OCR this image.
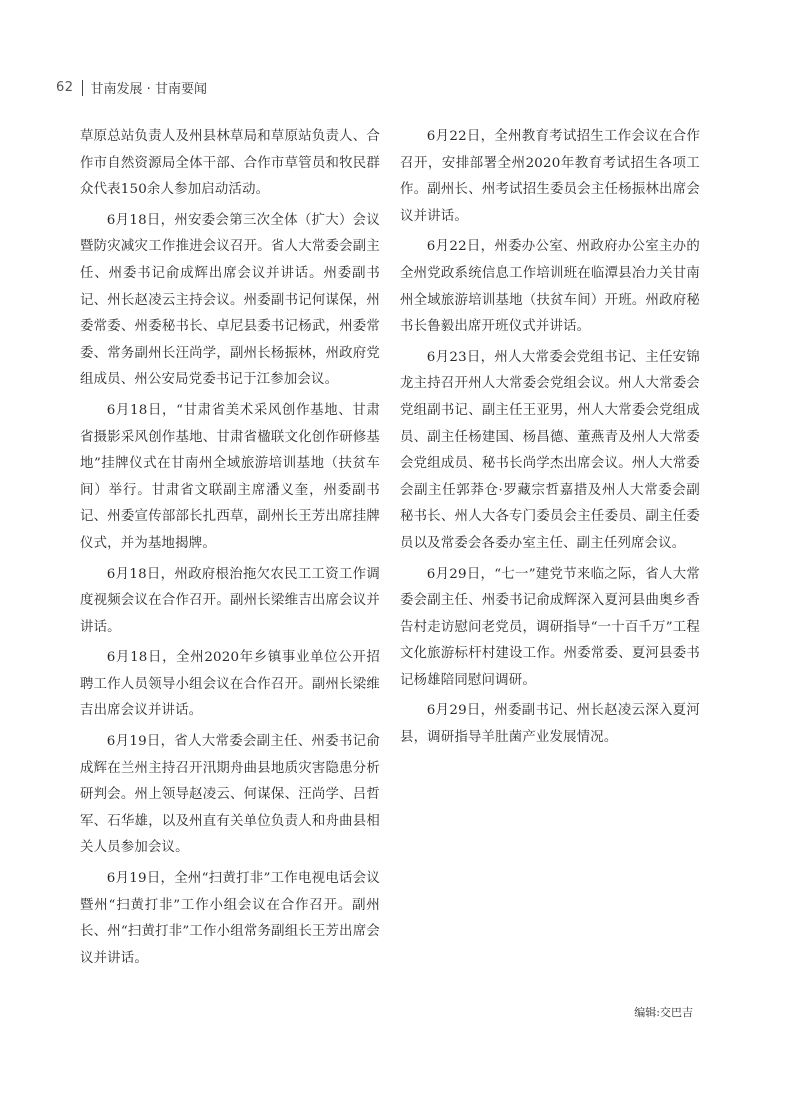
62 甘南发展 · 甘南要闻

草原总站负责人及州县林草局和草原站负责人、合作市自然资源局全体干部、合作市草管员和牧民群众代表150余人参加启动活动。

6月18日，州安委会第三次全体（扩大）会议暨防灾减灾工作推进会议召开。省人大常委会副主任、州委书记俞成辉出席会议并讲话。州委副书记、州长赵凌云主持会议。州委副书记何谋保，州委常委、州委秘书长、卓尼县委书记杨武，州委常委、常务副州长汪尚学，副州长杨振林，州政府党组成员、州公安局党委书记于江参加会议。

6月18日，“甘肃省美术采风创作基地、甘肃省摄影采风创作基地、甘肃省楹联文化创作研修基地”挂牌仪式在甘南州全域旅游培训基地（扶贫车间）举行。甘肃省文联副主席潘义奎，州委副书记、州委宣传部部长扎西草，副州长王芳出席挂牌仪式，并为基地揭牌。

6月18日，州政府根治拖欠农民工工资工作调度视频会议在合作召开。副州长梁维吉出席会议并讲话。

6月18日，全州2020年乡镇事业单位公开招聘工作人员领导小组会议在合作召开。副州长梁维吉出席会议并讲话。

6月19日，省人大常委会副主任、州委书记俞成辉在兰州主持召开汛期舟曲县地质灾害隐患分析研判会。州上领导赵凌云、何谋保、汪尚学、吕哲军、石华雄，以及州直有关单位负责人和舟曲县相关人员参加会议。

6月19日，全州“扫黄打非”工作电视电话会议暨州“扫黄打非”工作小组会议在合作召开。副州长、州“扫黄打非”工作小组常务副组长王芳出席会议并讲话。

6月22日，全州教育考试招生工作会议在合作召开，安排部署全州2020年教育考试招生各项工作。副州长、州考试招生委员会主任杨振林出席会议并讲话。

6月22日，州委办公室、州政府办公室主办的全州党政系统信息工作培训班在临潭县冶力关甘南州全域旅游培训基地（扶贫车间）开班。州政府秘书长鲁毅出席开班仪式并讲话。

6月23日，州人大常委会党组书记、主任安锦龙主持召开州人大常委会党组会议。州人大常委会党组副书记、副主任王亚男，州人大常委会党组成员、副主任杨建国、杨昌德、董燕青及州人大常委会党组成员、秘书长尚学杰出席会议。州人大常委会副主任郭莽仓·罗藏宗哲嘉措及州人大常委会副秘书长、州人大各专门委员会主任委员、副主任委员以及常委会各委办室主任、副主任列席会议。

6月29日，“七一”建党节来临之际，省人大常委会副主任、州委书记俞成辉深入夏河县曲奥乡香告村走访慰问老党员，调研指导“一十百千万”工程文化旅游标杆村建设工作。州委常委、夏河县委书记杨雄陪同慰问调研。

6月29日，州委副书记、州长赵凌云深入夏河县，调研指导羊肚菌产业发展情况。

编辑:交巴吉
